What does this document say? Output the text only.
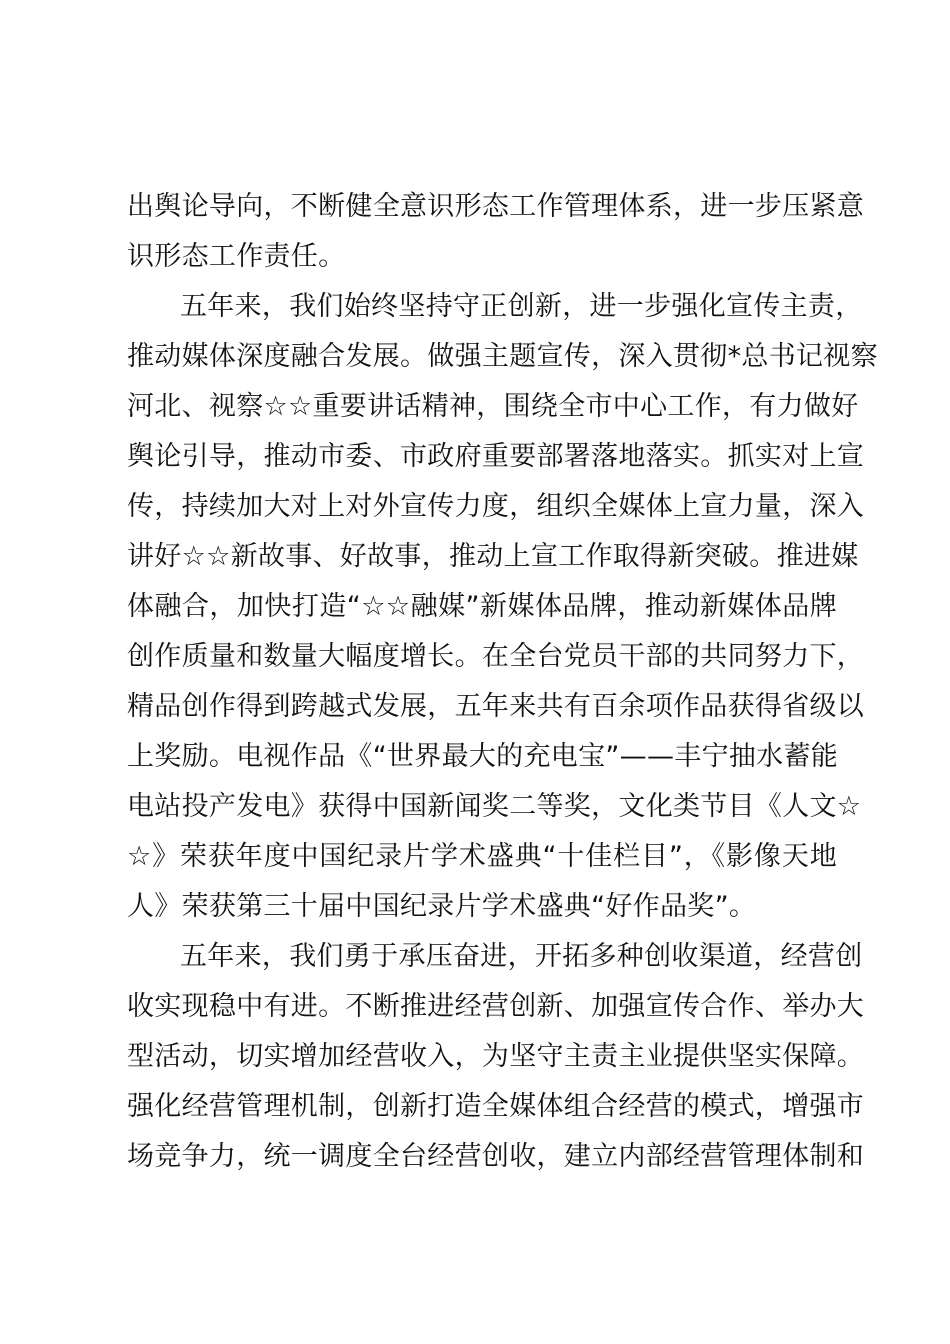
出舆论导向，不断健全意识形态工作管理体系，进一步压紧意
识形态工作责任。
五年来，我们始终坚持守正创新，进一步强化宣传主责，
推动媒体深度融合发展。做强主题宣传，深入贯彻*总书记视察
河北、视察☆☆重要讲话精神，围绕全市中心工作，有力做好
舆论引导，推动市委、市政府重要部署落地落实。抓实对上宣
传，持续加大对上对外宣传力度，组织全媒体上宣力量，深入
讲好☆☆新故事、好故事，推动上宣工作取得新突破。推进媒
体融合，加快打造“☆☆融媒”新媒体品牌，推动新媒体品牌
创作质量和数量大幅度增长。在全台党员干部的共同努力下，
精品创作得到跨越式发展，五年来共有百余项作品获得省级以
上奖励。电视作品《“世界最大的充电宝”——丰宁抽水蓄能
电站投产发电》获得中国新闻奖二等奖，文化类节目《人文☆
☆》荣获年度中国纪录片学术盛典“十佳栏目”，《影像天地
人》荣获第三十届中国纪录片学术盛典“好作品奖”。
五年来，我们勇于承压奋进，开拓多种创收渠道，经营创
收实现稳中有进。不断推进经营创新、加强宣传合作、举办大
型活动，切实增加经营收入，为坚守主责主业提供坚实保障。
强化经营管理机制，创新打造全媒体组合经营的模式，增强市
场竞争力，统一调度全台经营创收，建立内部经营管理体制和
